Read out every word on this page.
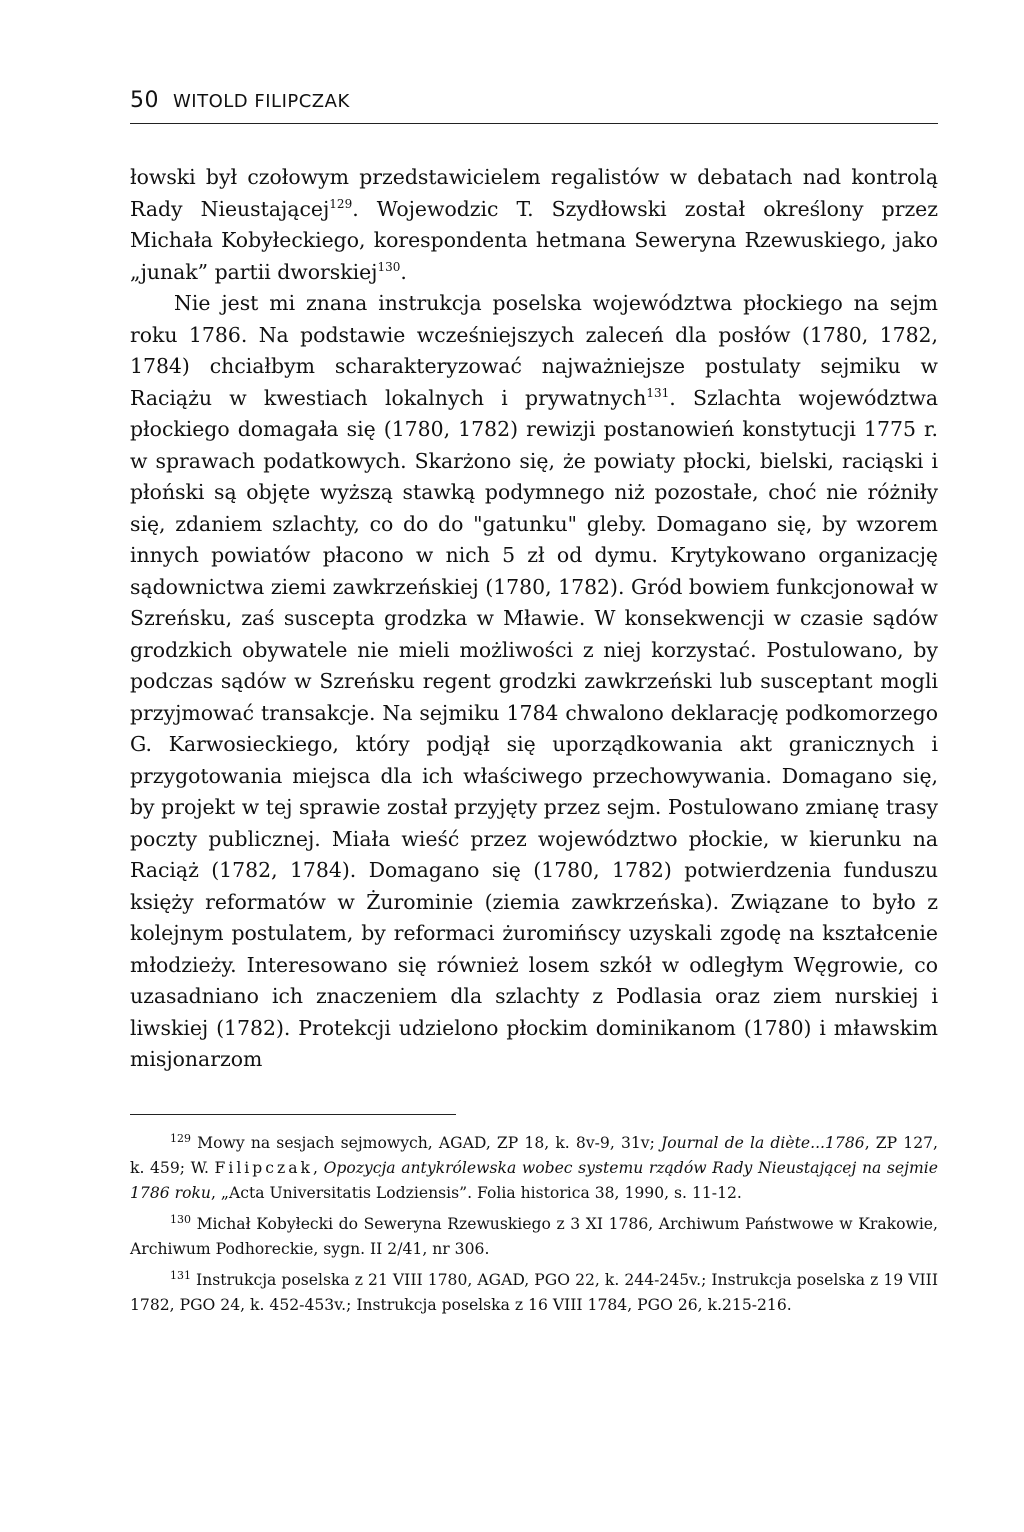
50 WITOLD FILIPCZAK

łowski był czołowym przedstawicielem regalistów w debatach nad kontrolą Rady Nieustającej$^{129}$. Wojewodzic T. Szydłowski został określony przez Michała Kobyłeckiego, korespondenta hetmana Seweryna Rzewuskiego, jako „junak” partii dworskiej$^{130}$.

Nie jest mi znana instrukcja poselska województwa płockiego na sejm roku 1786. Na podstawie wcześniejszych zaleceń dla posłów (1780, 1782, 1784) chciałbym scharakteryzować najważniejsze postulaty sejmiku w Raciążu w kwestiach lokalnych i prywatnych$^{131}$. Szlachta województwa płockiego domagała się (1780, 1782) rewizji postanowień konstytucji 1775 r. w sprawach podatkowych. Skarżono się, że powiaty płocki, bielski, raciąski i płoński są objęte wyższą stawką podymnego niż pozostałe, choć nie różniły się, zdaniem szlachty, co do do "gatunku" gleby. Domagano się, by wzorem innych powiatów płacono w nich 5 zł od dymu. Krytykowano organizację sądownictwa ziemi zawkrzeńskiej (1780, 1782). Gród bowiem funkcjonował w Szreńsku, zaś suscepta grodzka w Mławie. W konsekwencji w czasie sądów grodzkich obywatele nie mieli możliwości z niej korzystać. Postulowano, by podczas sądów w Szreńsku regent grodzki zawkrzeński lub susceptant mogli przyjmować transakcje. Na sejmiku 1784 chwalono deklarację podkomorzego G. Karwosieckiego, który podjął się uporządkowania akt granicznych i przygotowania miejsca dla ich właściwego przechowywania. Domagano się, by projekt w tej sprawie został przyjęty przez sejm. Postulowano zmianę trasy poczty publicznej. Miała wieść przez województwo płockie, w kierunku na Raciąż (1782, 1784). Domagano się (1780, 1782) potwierdzenia funduszu księży reformatów w Żurominie (ziemia zawkrzeńska). Związane to było z kolejnym postulatem, by reformaci żuromińscy uzyskali zgodę na kształcenie młodzieży. Interesowano się również losem szkół w odległym Węgrowie, co uzasadniano ich znaczeniem dla szlachty z Podlasia oraz ziem nurskiej i liwskiej (1782). Protekcji udzielono płockim dominikanom (1780) i mławskim misjonarzom

$^{129}$ Mowy na sesjach sejmowych, AGAD, ZP 18, k. 8v-9, 31v; Journal de la diète...1786, ZP 127, k. 459; W. Filipczak, Opozycja antykrólewska wobec systemu rządów Rady Nieustającej na sejmie 1786 roku, „Acta Universitatis Lodziensis”. Folia historica 38, 1990, s. 11-12.

$^{130}$ Michał Kobyłecki do Seweryna Rzewuskiego z 3 XI 1786, Archiwum Państwowe w Krakowie, Archiwum Podhoreckie, sygn. II 2/41, nr 306.

$^{131}$ Instrukcja poselska z 21 VIII 1780, AGAD, PGO 22, k. 244-245v.; Instrukcja poselska z 19 VIII 1782, PGO 24, k. 452-453v.; Instrukcja poselska z 16 VIII 1784, PGO 26, k.215-216.
